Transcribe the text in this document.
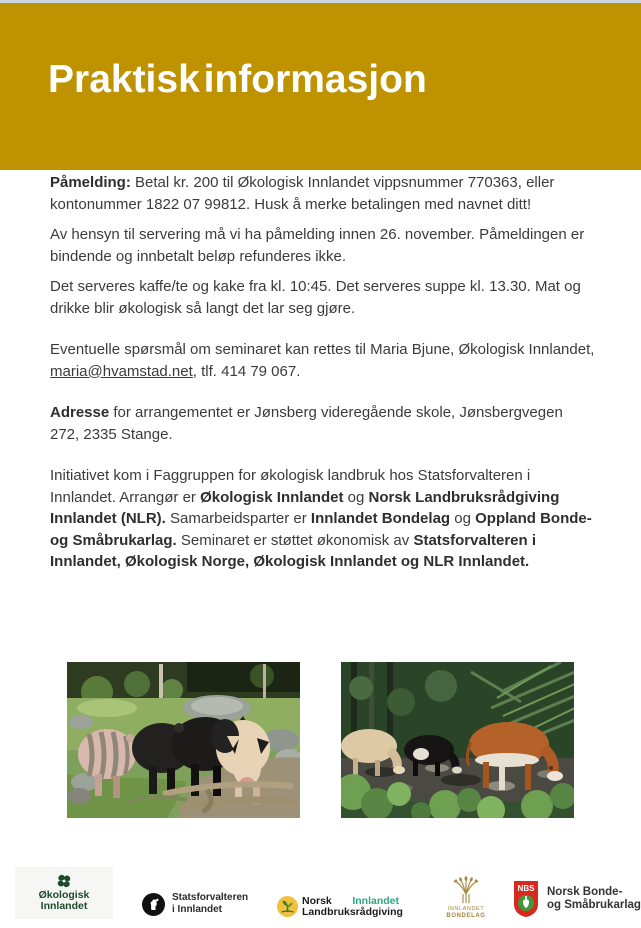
Praktisk informasjon

Påmelding: Betal kr. 200 til Økologisk Innlandet vippsnummer 770363, eller kontonummer 1822 07 99812. Husk å merke betalingen med navnet ditt!

Av hensyn til servering må vi ha påmelding innen 26. november. Påmeldingen er bindende og innbetalt beløp refunderes ikke.

Det serveres kaffe/te og kake fra kl. 10:45. Det serveres suppe kl. 13.30. Mat og drikke blir økologisk så langt det lar seg gjøre.

Eventuelle spørsmål om seminaret kan rettes til Maria Bjune, Økologisk Innlandet, maria@hvamstad.net, tlf. 414 79 067.

Adresse for arrangementet er Jønsberg videregående skole, Jønsbergvegen 272, 2335 Stange.

Initiativet kom i Faggruppen for økologisk landbruk hos Statsforvalteren i Innlandet. Arrangør er Økologisk Innlandet og Norsk Landbruksrådgiving Innlandet (NLR). Samarbeidsparter er Innlandet Bondelag og Oppland Bonde- og Småbrukarlag. Seminaret er støttet økonomisk av Statsforvalteren i Innlandet, Økologisk Norge, Økologisk Innlandet og NLR Innlandet.

Økologisk
Innlandet
Statsforvalteren
i Innlandet
Norsk Innlandet
Landbruksrådgiving	INNLANDET
BONDELAG
NBS Norsk Bonde-
og Småbrukarlag
